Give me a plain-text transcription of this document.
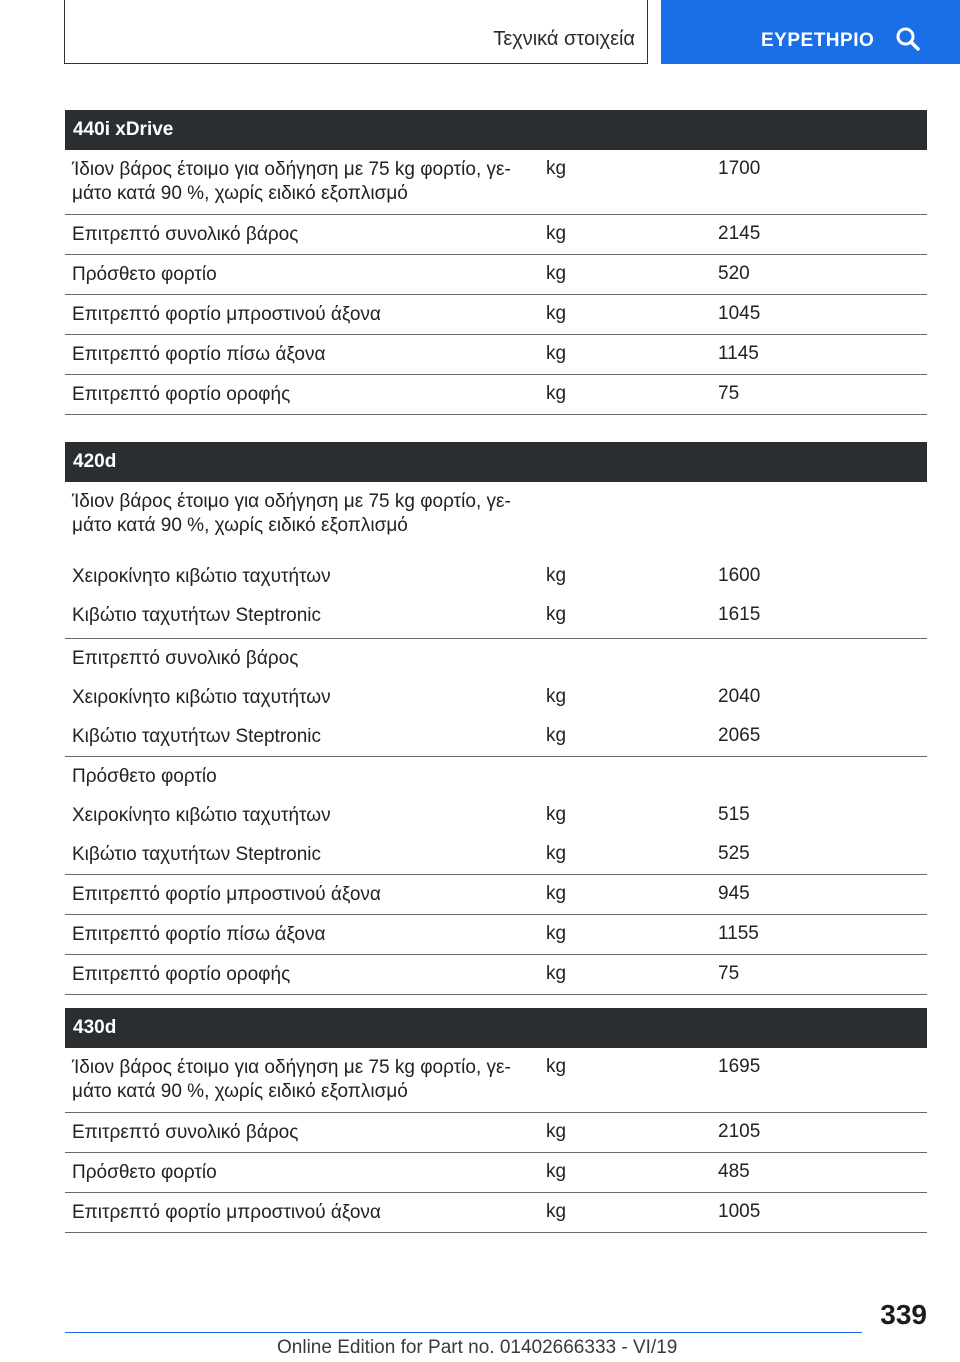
Τεχνικά στοιχεία	ΕΥΡΕΤΗΡΙΟ
440i xDrive
Ίδιον βάρος έτοιμο για οδήγηση με 75 kg φορτίο, γε-μάτο κατά 90 %, χωρίς ειδικό εξοπλισμό
kg	1700
Επιτρεπτό συνολικό βάρος	kg	2145
Πρόσθετο φορτίο	kg	520
Επιτρεπτό φορτίο μπροστινού άξονα	kg	1045
Επιτρεπτό φορτίο πίσω άξονα	kg	1145
Επιτρεπτό φορτίο οροφής	kg	75
420d
Ίδιον βάρος έτοιμο για οδήγηση με 75 kg φορτίο, γε-μάτο κατά 90 %, χωρίς ειδικό εξοπλισμό
Χειροκίνητο κιβώτιο ταχυτήτων	kg	1600
Κιβώτιο ταχυτήτων Steptronic	kg	1615
Επιτρεπτό συνολικό βάρος
Χειροκίνητο κιβώτιο ταχυτήτων	kg	2040
Κιβώτιο ταχυτήτων Steptronic	kg	2065
Πρόσθετο φορτίο
Χειροκίνητο κιβώτιο ταχυτήτων	kg	515
Κιβώτιο ταχυτήτων Steptronic	kg	525
Επιτρεπτό φορτίο μπροστινού άξονα	kg	945
Επιτρεπτό φορτίο πίσω άξονα	kg	1155
Επιτρεπτό φορτίο οροφής	kg	75
430d
Ίδιον βάρος έτοιμο για οδήγηση με 75 kg φορτίο, γε-μάτο κατά 90 %, χωρίς ειδικό εξοπλισμό
kg	1695
Επιτρεπτό συνολικό βάρος	kg	2105
Πρόσθετο φορτίο	kg	485
Επιτρεπτό φορτίο μπροστινού άξονα	kg	1005
339
Online Edition for Part no. 01402666333 - VI/19
